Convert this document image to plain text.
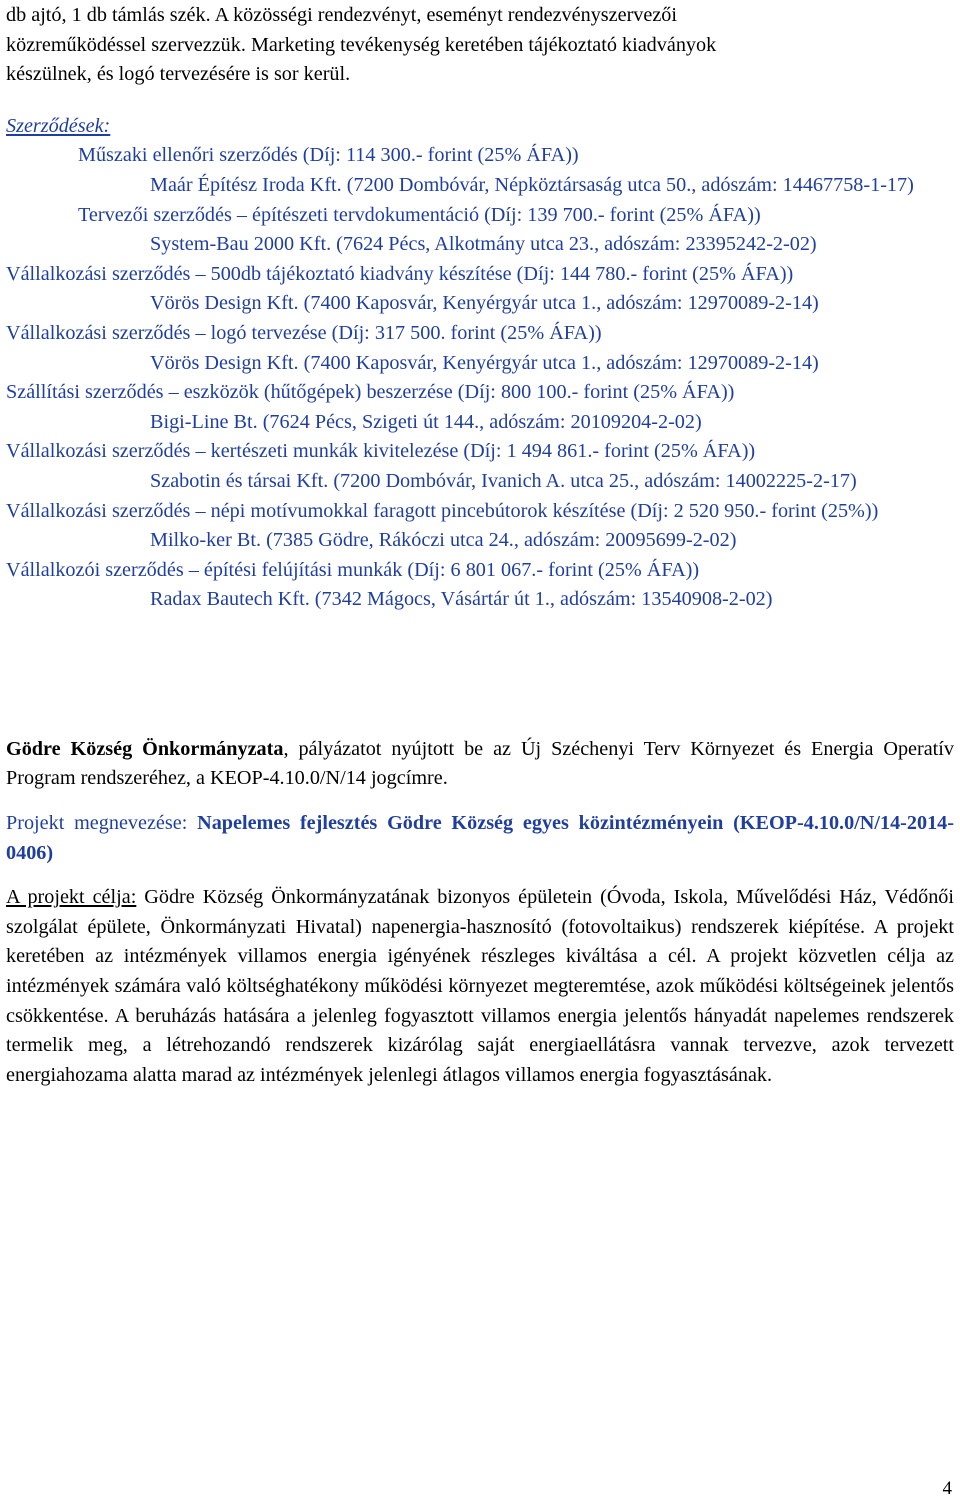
db ajtó, 1 db támlás szék. A közösségi rendezvényt, eseményt rendezvényszervezői

közreműködéssel szervezzük. Marketing tevékenység keretében tájékoztató kiadványok

készülnek, és logó tervezésére is sor kerül.

Szerződések:

Műszaki ellenőri szerződés (Díj: 114 300.- forint (25% ÁFA))

Maár Építész Iroda Kft. (7200 Dombóvár, Népköztársaság utca 50., adószám: 14467758-1-17)

Tervezői szerződés – építészeti tervdokumentáció (Díj: 139 700.- forint (25% ÁFA))

System-Bau 2000 Kft. (7624 Pécs, Alkotmány utca 23., adószám: 23395242-2-02)

Vállalkozási szerződés – 500db tájékoztató kiadvány készítése (Díj: 144 780.- forint (25% ÁFA))

Vörös Design Kft. (7400 Kaposvár, Kenyérgyár utca 1., adószám: 12970089-2-14)

Vállalkozási szerződés – logó tervezése (Díj: 317 500. forint (25% ÁFA))

Vörös Design Kft. (7400 Kaposvár, Kenyérgyár utca 1., adószám: 12970089-2-14)

Szállítási szerződés – eszközök (hűtőgépek) beszerzése (Díj: 800 100.- forint (25% ÁFA))

Bigi-Line Bt. (7624 Pécs, Szigeti út 144., adószám: 20109204-2-02)

Vállalkozási szerződés – kertészeti munkák kivitelezése (Díj: 1 494 861.- forint (25% ÁFA))

Szabotin és társai Kft. (7200 Dombóvár, Ivanich A. utca 25., adószám: 14002225-2-17)

Vállalkozási szerződés – népi motívumokkal faragott pincebútorok készítése (Díj: 2 520 950.- forint (25%))

Milko-ker Bt. (7385 Gödre, Rákóczi utca 24., adószám: 20095699-2-02)

Vállalkozói szerződés – építési felújítási munkák (Díj: 6 801 067.- forint (25% ÁFA))

Radax Bautech Kft. (7342 Mágocs, Vásártár út 1., adószám: 13540908-2-02)

Gödre Község Önkormányzata, pályázatot nyújtott be az Új Széchenyi Terv Környezet és Energia Operatív Program rendszeréhez, a KEOP-4.10.0/N/14 jogcímre.

Projekt megnevezése: Napelemes fejlesztés Gödre Község egyes közintézményein (KEOP-4.10.0/N/14-2014-0406)

A projekt célja: Gödre Község Önkormányzatának bizonyos épületein (Óvoda, Iskola, Művelődési Ház, Védőnői szolgálat épülete, Önkormányzati Hivatal) napenergia-hasznosító (fotovoltaikus) rendszerek kiépítése. A projekt keretében az intézmények villamos energia igényének részleges kiváltása a cél. A projekt közvetlen célja az intézmények számára való költséghatékony működési környezet megteremtése, azok működési költségeinek jelentős csökkentése. A beruházás hatására a jelenleg fogyasztott villamos energia jelentős hányadát napelemes rendszerek termelik meg, a létrehozandó rendszerek kizárólag saját energiaellátásra vannak tervezve, azok tervezett energiahozama alatta marad az intézmények jelenlegi átlagos villamos energia fogyasztásának.

4
